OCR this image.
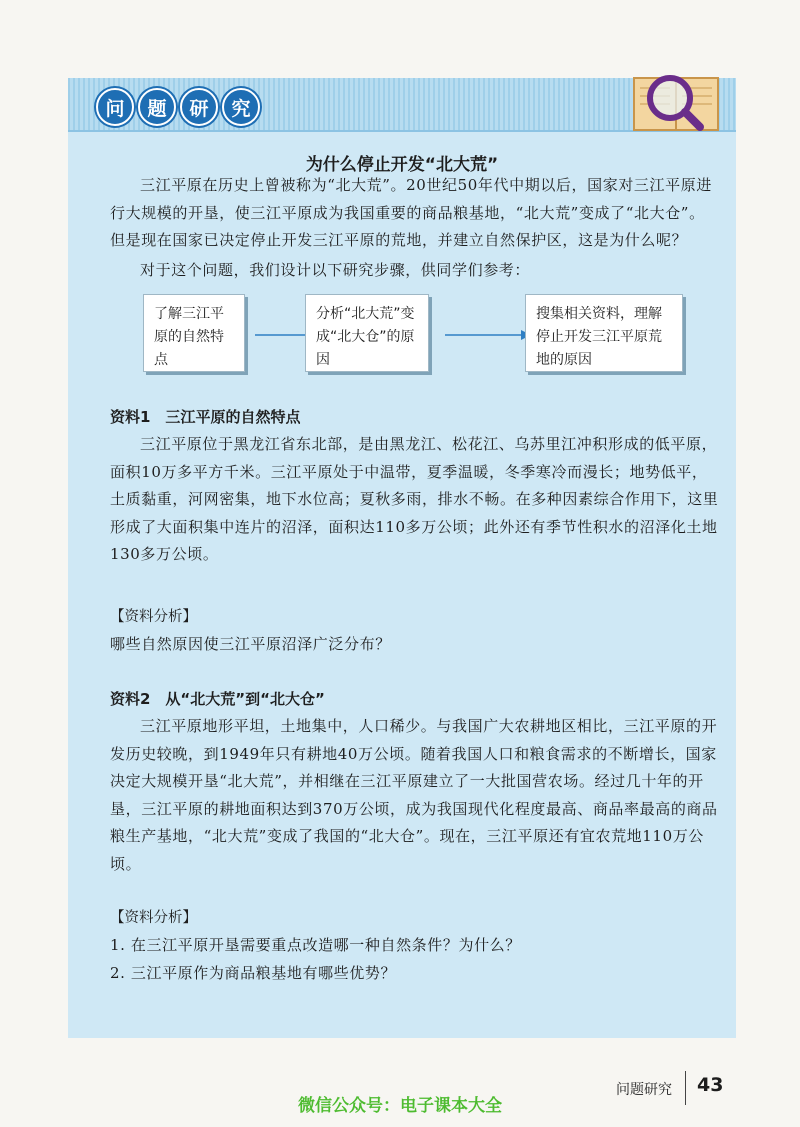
问	题	研	究
为什么停止开发“北大荒”

三江平原在历史上曾被称为“北大荒”。20世纪50年代中期以后，国家对三江平原进行大规模的开垦，使三江平原成为我国重要的商品粮基地，“北大荒”变成了“北大仓”。但是现在国家已决定停止开发三江平原的荒地，并建立自然保护区，这是为什么呢？

对于这个问题，我们设计以下研究步骤，供同学们参考：

了解三江平原的自然特点
分析“北大荒”变成“北大仓”的原因
搜集相关资料，理解停止开发三江平原荒地的原因
资料1　三江平原的自然特点

三江平原位于黑龙江省东北部，是由黑龙江、松花江、乌苏里江冲积形成的低平原，面积10万多平方千米。三江平原处于中温带，夏季温暖，冬季寒冷而漫长；地势低平，土质黏重，河网密集，地下水位高；夏秋多雨，排水不畅。在多种因素综合作用下，这里形成了大面积集中连片的沼泽，面积达110多万公顷；此外还有季节性积水的沼泽化土地130多万公顷。

【资料分析】

哪些自然原因使三江平原沼泽广泛分布？

资料2　从“北大荒”到“北大仓”

三江平原地形平坦，土地集中，人口稀少。与我国广大农耕地区相比，三江平原的开发历史较晚，到1949年只有耕地40万公顷。随着我国人口和粮食需求的不断增长，国家决定大规模开垦“北大荒”，并相继在三江平原建立了一大批国营农场。经过几十年的开垦，三江平原的耕地面积达到370万公顷，成为我国现代化程度最高、商品率最高的商品粮生产基地，“北大荒”变成了我国的“北大仓”。现在，三江平原还有宜农荒地110万公顷。

【资料分析】

1. 在三江平原开垦需要重点改造哪一种自然条件？为什么？

2. 三江平原作为商品粮基地有哪些优势？

问题研究 43
微信公众号：电子课本大全
